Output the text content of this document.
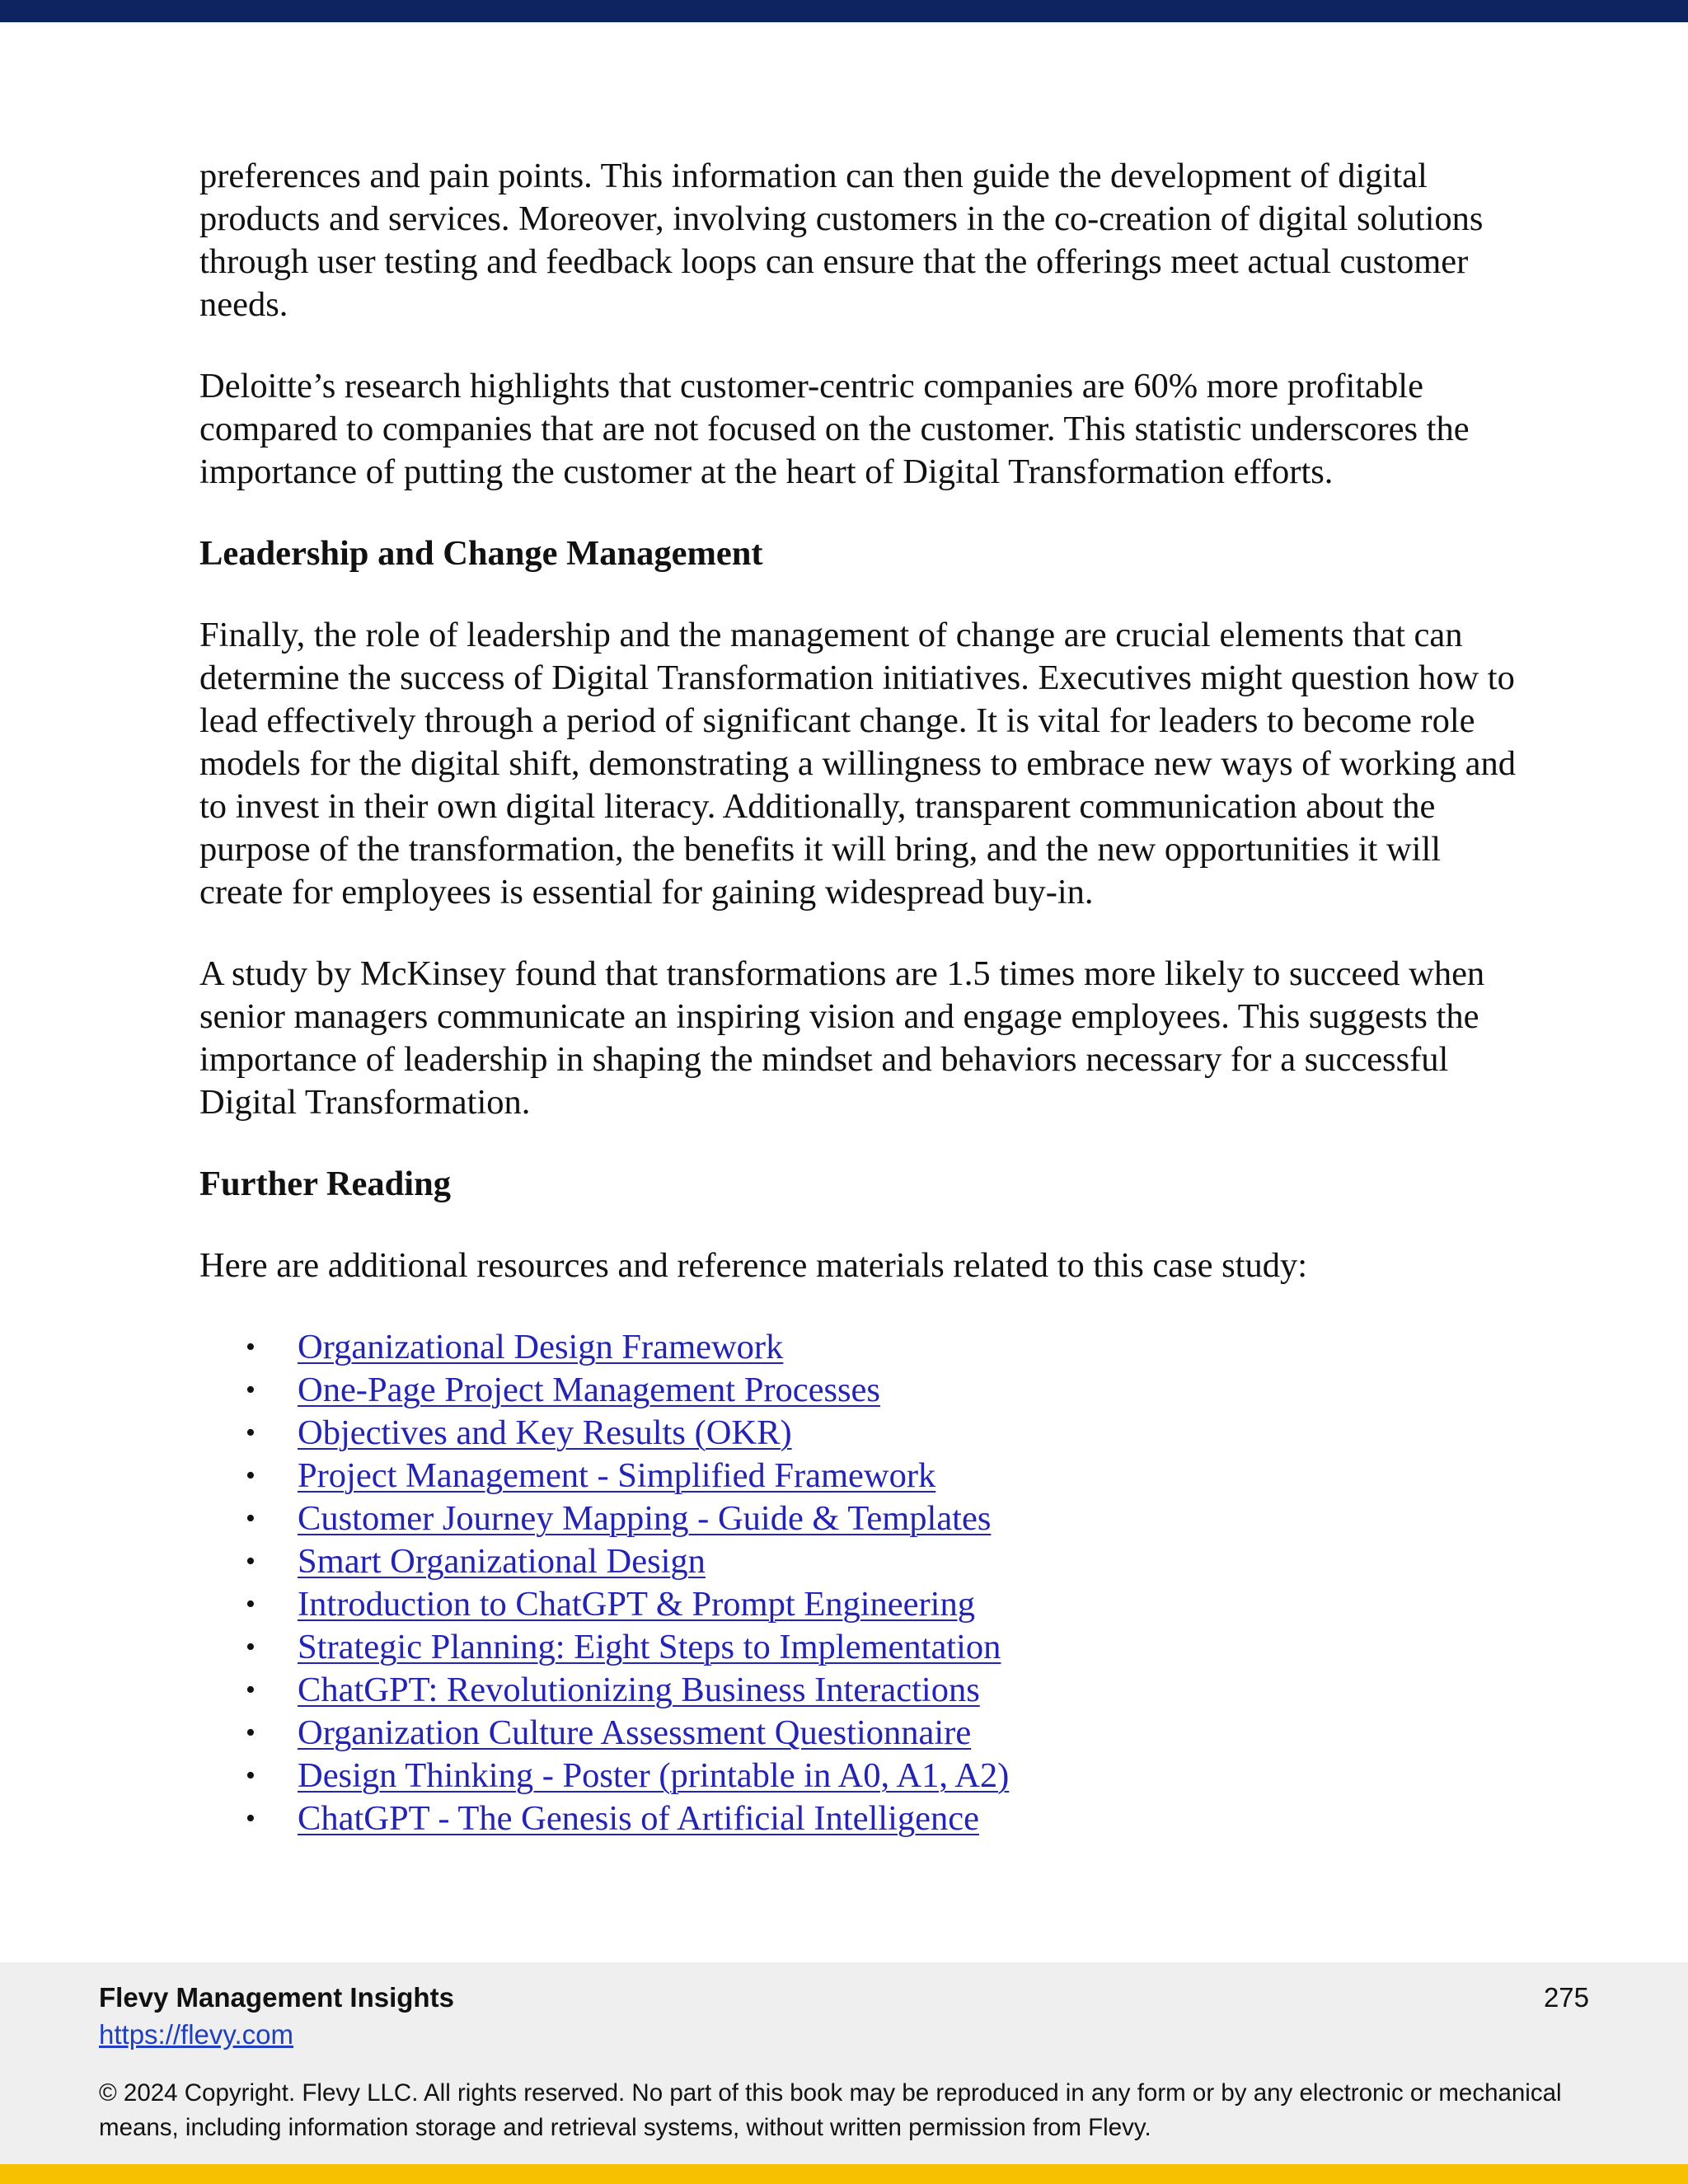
preferences and pain points. This information can then guide the development of digital products and services. Moreover, involving customers in the co-creation of digital solutions through user testing and feedback loops can ensure that the offerings meet actual customer needs.

Deloitte’s research highlights that customer-centric companies are 60% more profitable compared to companies that are not focused on the customer. This statistic underscores the importance of putting the customer at the heart of Digital Transformation efforts.

Leadership and Change Management

Finally, the role of leadership and the management of change are crucial elements that can determine the success of Digital Transformation initiatives. Executives might question how to lead effectively through a period of significant change. It is vital for leaders to become role models for the digital shift, demonstrating a willingness to embrace new ways of working and to invest in their own digital literacy. Additionally, transparent communication about the purpose of the transformation, the benefits it will bring, and the new opportunities it will create for employees is essential for gaining widespread buy-in.

A study by McKinsey found that transformations are 1.5 times more likely to succeed when senior managers communicate an inspiring vision and engage employees. This suggests the importance of leadership in shaping the mindset and behaviors necessary for a successful Digital Transformation.

Further Reading

Here are additional resources and reference materials related to this case study:

• Organizational Design Framework
• One-Page Project Management Processes
• Objectives and Key Results (OKR)
• Project Management - Simplified Framework
• Customer Journey Mapping - Guide & Templates
• Smart Organizational Design
• Introduction to ChatGPT & Prompt Engineering
• Strategic Planning: Eight Steps to Implementation
• ChatGPT: Revolutionizing Business Interactions
• Organization Culture Assessment Questionnaire
• Design Thinking - Poster (printable in A0, A1, A2)
• ChatGPT - The Genesis of Artificial Intelligence
Flevy Management Insights
https://flevy.com
275
© 2024 Copyright. Flevy LLC. All rights reserved. No part of this book may be reproduced in any form or by any electronic or mechanical means, including information storage and retrieval systems, without written permission from Flevy.
